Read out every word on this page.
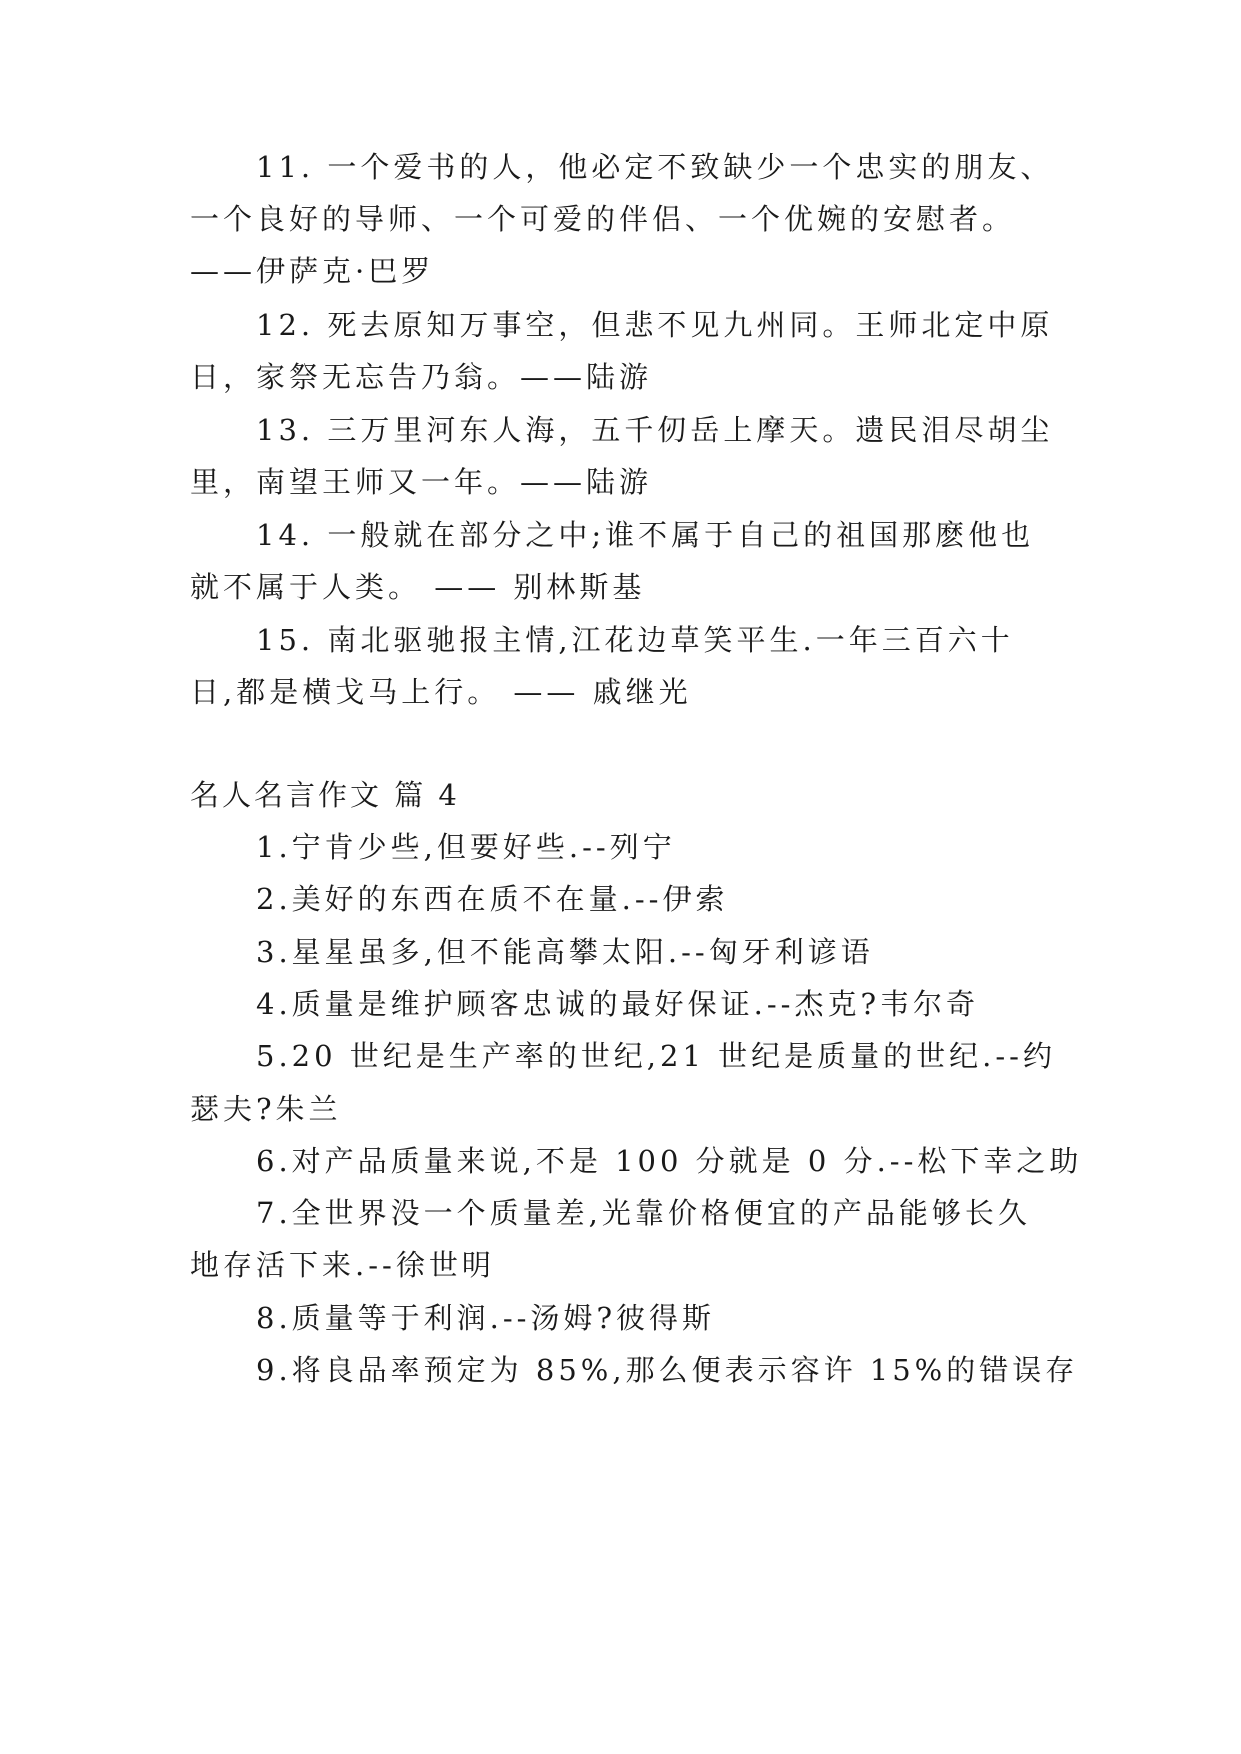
11. 一个爱书的人，他必定不致缺少一个忠实的朋友、
一个良好的导师、一个可爱的伴侣、一个优婉的安慰者。
——伊萨克·巴罗
12. 死去原知万事空，但悲不见九州同。王师北定中原
日，家祭无忘告乃翁。——陆游
13. 三万里河东人海，五千仞岳上摩天。遗民泪尽胡尘
里，南望王师又一年。——陆游
14. 一般就在部分之中;谁不属于自己的祖国那麽他也
就不属于人类。 —— 别林斯基
15. 南北驱驰报主情,江花边草笑平生.一年三百六十
日,都是横戈马上行。 —— 戚继光
名人名言作文 篇 4
1.宁肯少些,但要好些.--列宁
2.美好的东西在质不在量.--伊索
3.星星虽多,但不能高攀太阳.--匈牙利谚语
4.质量是维护顾客忠诚的最好保证.--杰克?韦尔奇
5.20 世纪是生产率的世纪,21 世纪是质量的世纪.--约
瑟夫?朱兰
6.对产品质量来说,不是 100 分就是 0 分.--松下幸之助
7.全世界没一个质量差,光靠价格便宜的产品能够长久
地存活下来.--徐世明
8.质量等于利润.--汤姆?彼得斯
9.将良品率预定为 85%,那么便表示容许 15%的错误存
